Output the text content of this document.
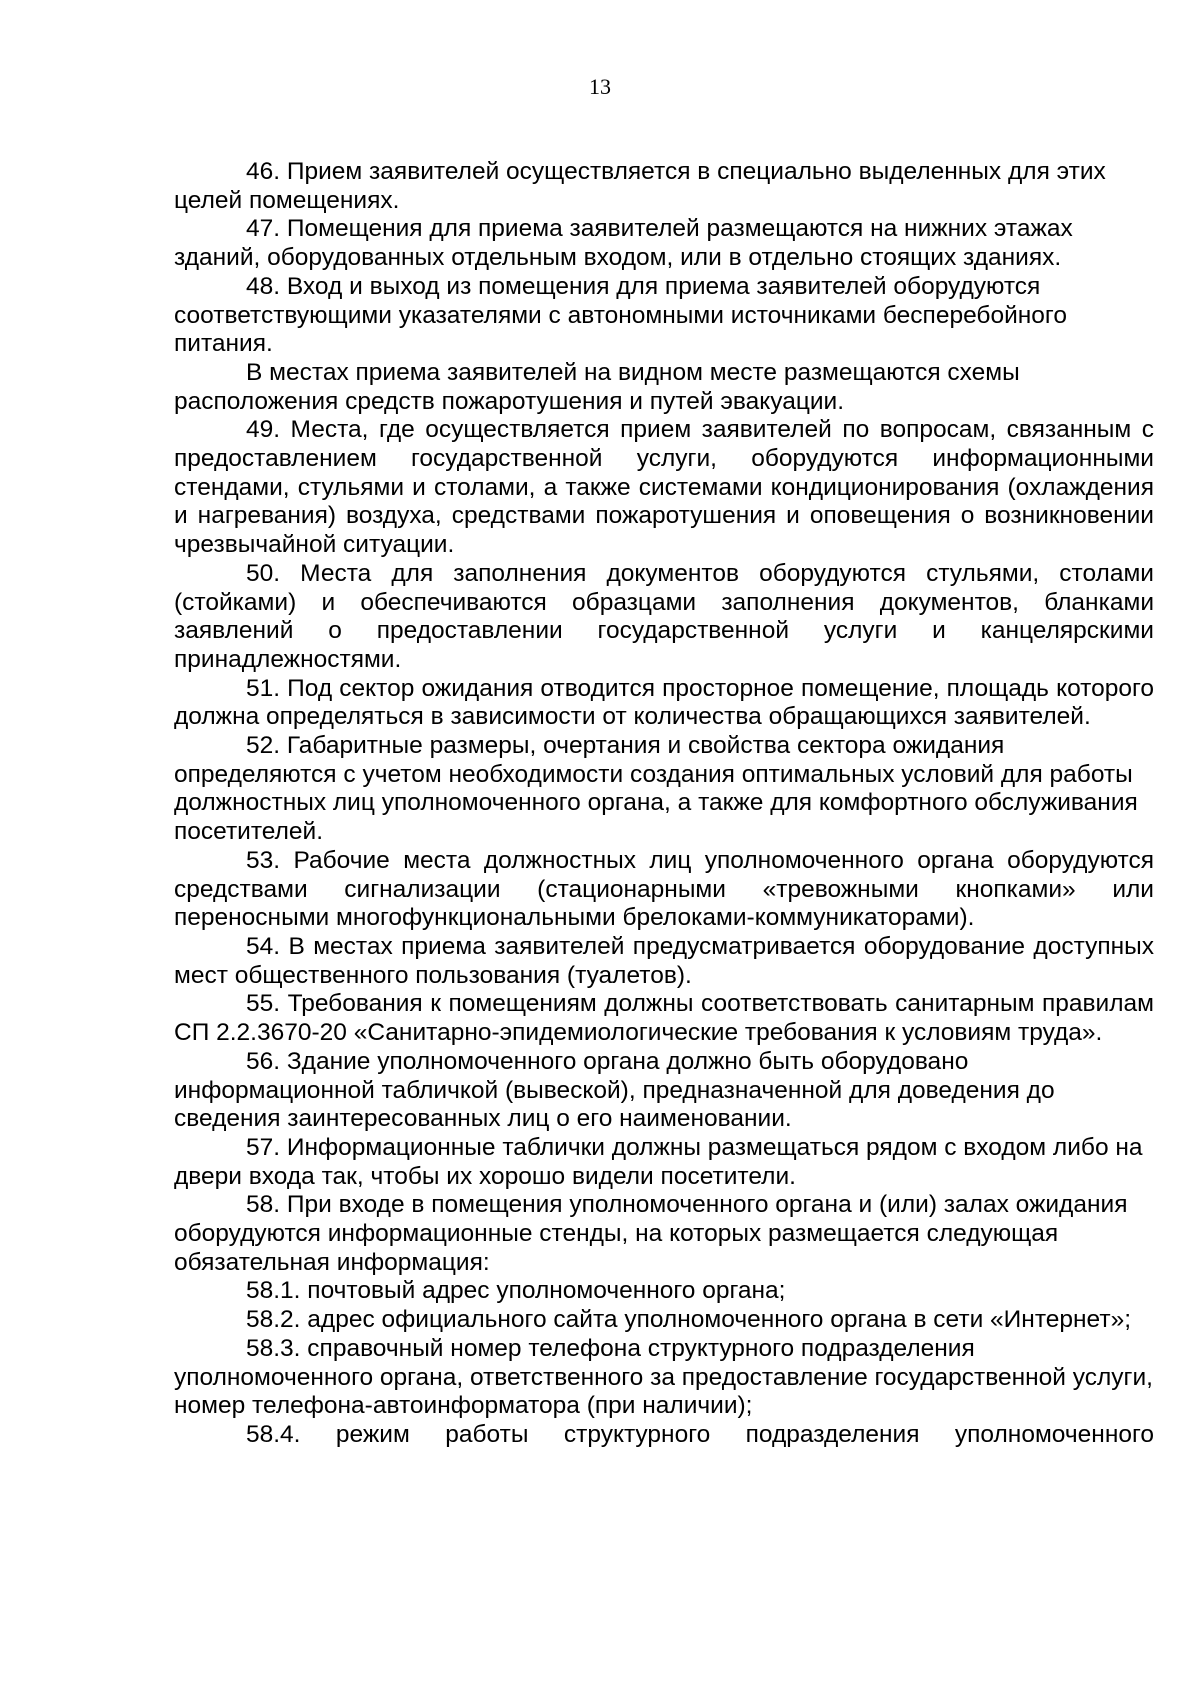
13

46. Прием заявителей осуществляется в специально выделенных для этих целей помещениях.

47. Помещения для приема заявителей размещаются на нижних этажах зданий, оборудованных отдельным входом, или в отдельно стоящих зданиях.

48. Вход и выход из помещения для приема заявителей оборудуются соответствующими указателями с автономными источниками бесперебойного питания.

В местах приема заявителей на видном месте размещаются схемы расположения средств пожаротушения и путей эвакуации.

49. Места, где осуществляется прием заявителей по вопросам, связанным с предоставлением государственной услуги, оборудуются информационными стендами, стульями и столами, а также системами кондиционирования (охлаждения и нагревания) воздуха, средствами пожаротушения и оповещения о возникновении чрезвычайной ситуации.

50. Места для заполнения документов оборудуются стульями, столами (стойками) и обеспечиваются образцами заполнения документов, бланками заявлений о предоставлении государственной услуги и канцелярскими принадлежностями.

51. Под сектор ожидания отводится просторное помещение, площадь которого должна определяться в зависимости от количества обращающихся заявителей.

52. Габаритные размеры, очертания и свойства сектора ожидания определяются с учетом необходимости создания оптимальных условий для работы должностных лиц уполномоченного органа, а также для комфортного обслуживания посетителей.

53. Рабочие места должностных лиц уполномоченного органа оборудуются средствами сигнализации (стационарными «тревожными кнопками» или переносными многофункциональными брелоками-коммуникаторами).

54. В местах приема заявителей предусматривается оборудование доступных мест общественного пользования (туалетов).

55. Требования к помещениям должны соответствовать санитарным правилам СП 2.2.3670-20 «Санитарно-эпидемиологические требования к условиям труда».

56. Здание уполномоченного органа должно быть оборудовано информационной табличкой (вывеской), предназначенной для доведения до сведения заинтересованных лиц о его наименовании.

57. Информационные таблички должны размещаться рядом с входом либо на двери входа так, чтобы их хорошо видели посетители.

58. При входе в помещения уполномоченного органа и (или) залах ожидания оборудуются информационные стенды, на которых размещается следующая обязательная информация:

58.1. почтовый адрес уполномоченного органа;

58.2. адрес официального сайта уполномоченного органа в сети «Интернет»;

58.3. справочный номер телефона структурного подразделения уполномоченного органа, ответственного за предоставление государственной услуги, номер телефона-автоинформатора (при наличии);

58.4. режим работы структурного подразделения уполномоченного
